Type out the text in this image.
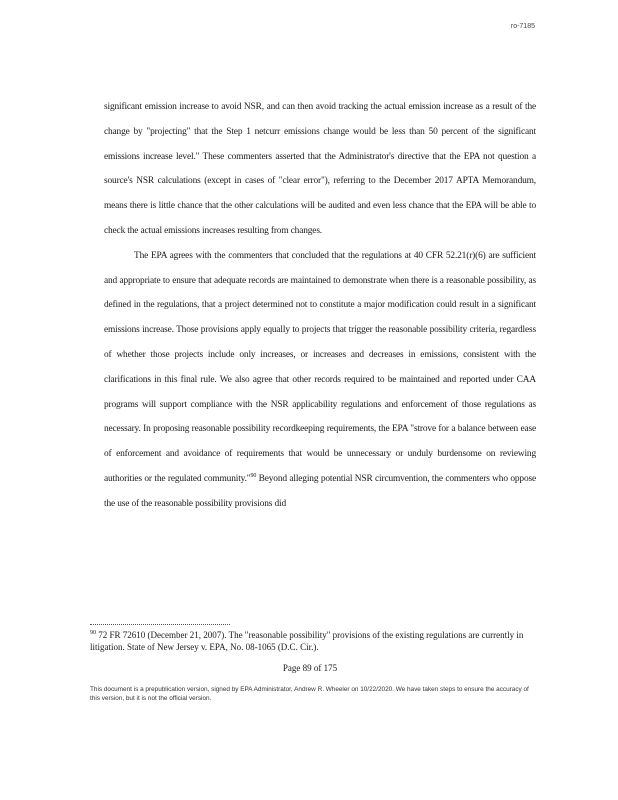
ro-7185

significant emission increase to avoid NSR, and can then avoid tracking the actual emission increase as a result of the change by "projecting" that the Step 1 netcurr emissions change would be less than 50 percent of the significant emissions increase level." These commenters asserted that the Administrator's directive that the EPA not question a source's NSR calculations (except in cases of "clear error"), referring to the December 2017 APTA Memorandum, means there is little chance that the other calculations will be audited and even less chance that the EPA will be able to check the actual emissions increases resulting from changes.

The EPA agrees with the commenters that concluded that the regulations at 40 CFR 52.21(r)(6) are sufficient and appropriate to ensure that adequate records are maintained to demonstrate when there is a reasonable possibility, as defined in the regulations, that a project determined not to constitute a major modification could result in a significant emissions increase. Those provisions apply equally to projects that trigger the reasonable possibility criteria, regardless of whether those projects include only increases, or increases and decreases in emissions, consistent with the clarifications in this final rule. We also agree that other records required to be maintained and reported under CAA programs will support compliance with the NSR applicability regulations and enforcement of those regulations as necessary. In proposing reasonable possibility recordkeeping requirements, the EPA "strove for a balance between ease of enforcement and avoidance of requirements that would be unnecessary or unduly burdensome on reviewing authorities or the regulated community."$^{90}$ Beyond alleging potential NSR circumvention, the commenters who oppose the use of the reasonable possibility provisions did

$^{90}$ 72 FR 72610 (December 21, 2007). The "reasonable possibility" provisions of the existing regulations are currently in litigation. State of New Jersey v. EPA, No. 08-1065 (D.C. Cir.).
Page 89 of 175
This document is a prepublication version, signed by EPA Administrator, Andrew R. Wheeler on 10/22/2020. We have taken steps to ensure the accuracy of this version, but it is not the official version.
